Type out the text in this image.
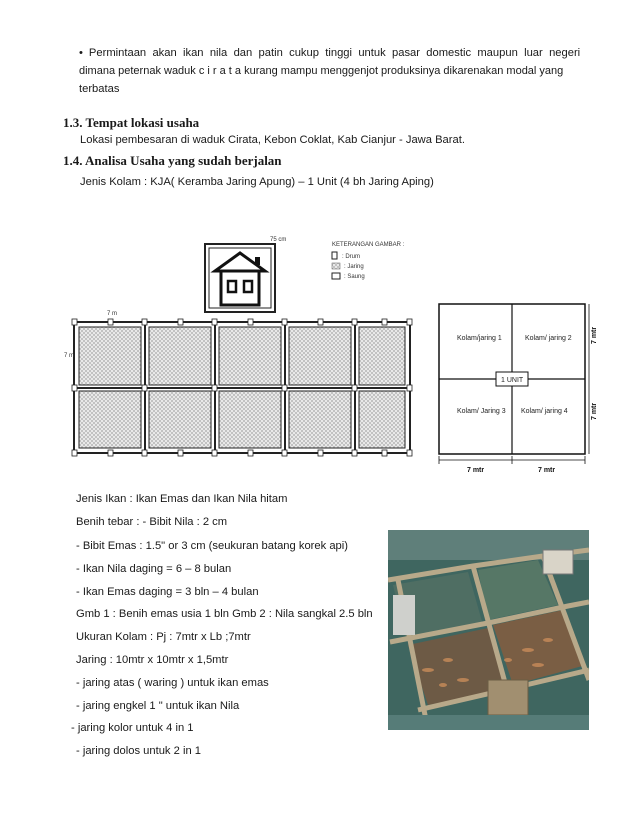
• Permintaan akan ikan nila dan patin cukup tinggi untuk pasar domestic maupun luar negeri
dimana peternak waduk c i r a t a kurang mampu menggenjot produksinya dikarenakan modal yang
terbatas
1.3. Tempat lokasi usaha
Lokasi pembesaran di waduk Cirata, Kebon Coklat, Kab Cianjur - Jawa Barat.
1.4. Analisa Usaha yang sudah berjalan
Jenis Kolam : KJA( Keramba Jaring Apung) – 1 Unit (4 bh Jaring Aping)
75 cm
KETERANGAN GAMBAR :
: Drum
: Jaring
: Saung
7 m
7 m
Kolam/jaring 1	Kolam/ jaring 2
Kolam/ Jaring 3 Kolam/ jaring 4
1 UNIT
7 mtr
7 mtr
7 mtr	7 mtr
Jenis Ikan : Ikan Emas dan Ikan Nila hitam
Benih tebar : - Bibit Nila : 2 cm
- Bibit Emas : 1.5" or 3 cm (seukuran batang korek api)
- Ikan Nila daging = 6 – 8 bulan
- Ikan Emas daging = 3 bln – 4 bulan
Gmb 1 : Benih emas usia 1 bln Gmb 2 : Nila sangkal 2.5 bln
Ukuran Kolam : Pj : 7mtr x Lb ;7mtr
Jaring : 10mtr x 10mtr x 1,5mtr
- jaring atas ( waring ) untuk ikan emas
- jaring engkel 1 " untuk ikan Nila
- jaring kolor untuk 4 in 1
- jaring dolos untuk 2 in 1
